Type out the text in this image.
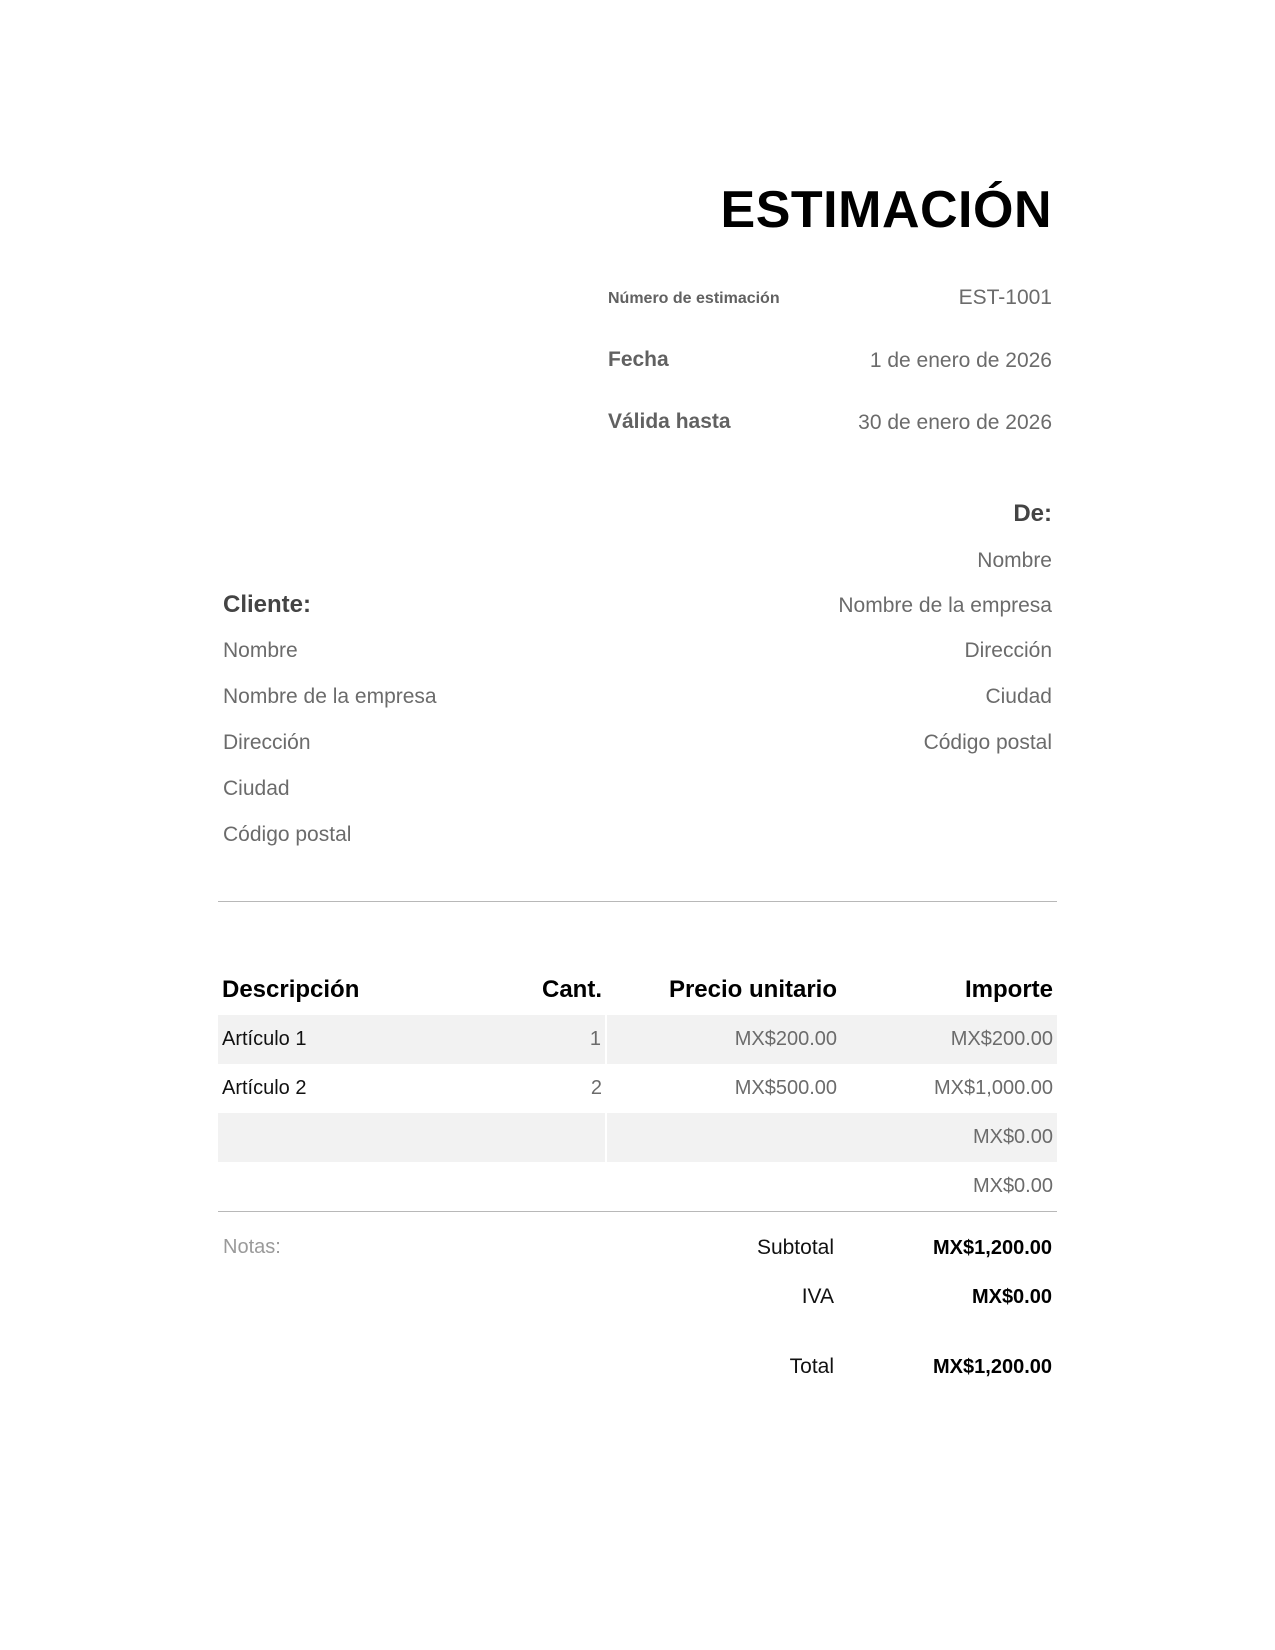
ESTIMACIÓN
Número de estimación	EST-1001
Fecha	1 de enero de 2026
Válida hasta	30 de enero de 2026
De:
Nombre
Nombre de la empresa
Dirección
Ciudad
Código postal
Cliente:
Nombre
Nombre de la empresa
Dirección
Ciudad
Código postal
Descripción	Cant.	Precio unitario	Importe
Artículo 1	1	MX$200.00	MX$200.00
Artículo 2	2	MX$500.00	MX$1,000.00
			MX$0.00
			MX$0.00
Notas:	Subtotal	MX$1,200.00
IVA	MX$0.00
Total	MX$1,200.00
